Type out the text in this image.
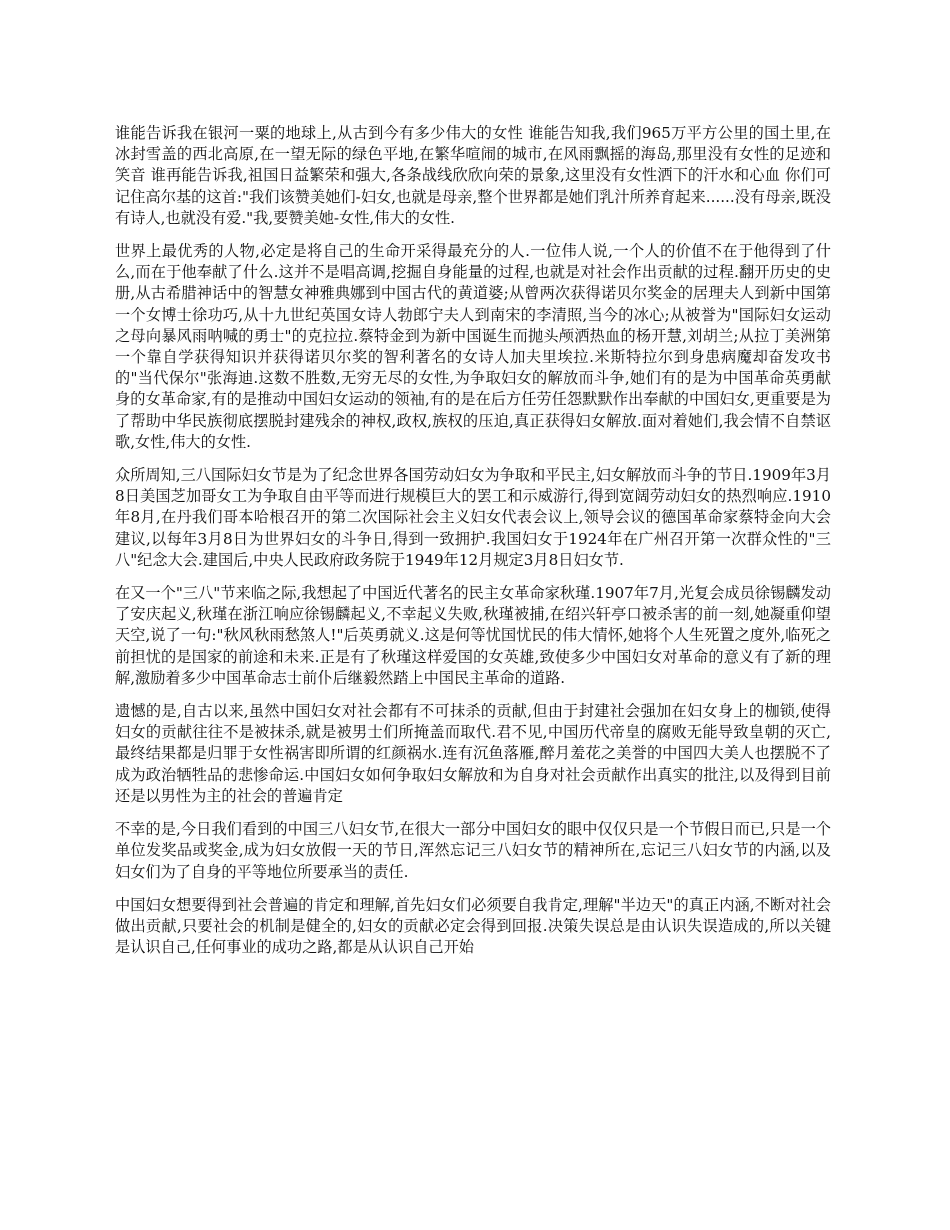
谁能告诉我在银河一粟的地球上,从古到今有多少伟大的女性 谁能告知我,我们965万平方公里的国土里,在冰封雪盖的西北高原,在一望无际的绿色平地,在繁华喧闹的城市,在风雨飘摇的海岛,那里没有女性的足迹和笑音 谁再能告诉我,祖国日益繁荣和强大,各条战线欣欣向荣的景象,这里没有女性洒下的汗水和心血 你们可记住高尔基的这首:"我们该赞美她们-妇女,也就是母亲,整个世界都是她们乳汁所养育起来......没有母亲,既没有诗人,也就没有爱."我,要赞美她-女性,伟大的女性.

世界上最优秀的人物,必定是将自己的生命开采得最充分的人.一位伟人说,一个人的价值不在于他得到了什么,而在于他奉献了什么.这并不是唱高调,挖掘自身能量的过程,也就是对社会作出贡献的过程.翻开历史的史册,从古希腊神话中的智慧女神雅典娜到中国古代的黄道婆;从曾两次获得诺贝尔奖金的居理夫人到新中国第一个女博士徐功巧,从十九世纪英国女诗人勃郎宁夫人到南宋的李清照,当今的冰心;从被誉为"国际妇女运动之母向暴风雨呐喊的勇士"的克拉拉.蔡特金到为新中国诞生而抛头颅洒热血的杨开慧,刘胡兰;从拉丁美洲第一个靠自学获得知识并获得诺贝尔奖的智利著名的女诗人加夫里埃拉.米斯特拉尔到身患病魔却奋发攻书的"当代保尔"张海迪.这数不胜数,无穷无尽的女性,为争取妇女的解放而斗争,她们有的是为中国革命英勇献身的女革命家,有的是推动中国妇女运动的领袖,有的是在后方任劳任怨默默作出奉献的中国妇女,更重要是为了帮助中华民族彻底摆脱封建残余的神权,政权,族权的压迫,真正获得妇女解放.面对着她们,我会情不自禁讴歌,女性,伟大的女性.

众所周知,三八国际妇女节是为了纪念世界各国劳动妇女为争取和平民主,妇女解放而斗争的节日.1909年3月8日美国芝加哥女工为争取自由平等而进行规模巨大的罢工和示威游行,得到宽阔劳动妇女的热烈响应.1910年8月,在丹我们哥本哈根召开的第二次国际社会主义妇女代表会议上,领导会议的德国革命家蔡特金向大会建议,以每年3月8日为世界妇女的斗争日,得到一致拥护.我国妇女于1924年在广州召开第一次群众性的"三八"纪念大会.建国后,中央人民政府政务院于1949年12月规定3月8日妇女节.

在又一个"三八"节来临之际,我想起了中国近代著名的民主女革命家秋瑾.1907年7月,光复会成员徐锡麟发动了安庆起义,秋瑾在浙江响应徐锡麟起义,不幸起义失败,秋瑾被捕,在绍兴轩亭口被杀害的前一刻,她凝重仰望天空,说了一句:"秋风秋雨愁煞人!"后英勇就义.这是何等忧国忧民的伟大情怀,她将个人生死置之度外,临死之前担忧的是国家的前途和未来.正是有了秋瑾这样爱国的女英雄,致使多少中国妇女对革命的意义有了新的理解,激励着多少中国革命志士前仆后继毅然踏上中国民主革命的道路.

遗憾的是,自古以来,虽然中国妇女对社会都有不可抹杀的贡献,但由于封建社会强加在妇女身上的枷锁,使得妇女的贡献往往不是被抹杀,就是被男士们所掩盖而取代.君不见,中国历代帝皇的腐败无能导致皇朝的灭亡,最终结果都是归罪于女性祸害即所谓的红颜祸水.连有沉鱼落雁,醉月羞花之美誉的中国四大美人也摆脱不了成为政治牺牲品的悲惨命运.中国妇女如何争取妇女解放和为自身对社会贡献作出真实的批注,以及得到目前还是以男性为主的社会的普遍肯定

不幸的是,今日我们看到的中国三八妇女节,在很大一部分中国妇女的眼中仅仅只是一个节假日而已,只是一个单位发奖品或奖金,成为妇女放假一天的节日,浑然忘记三八妇女节的精神所在,忘记三八妇女节的内涵,以及妇女们为了自身的平等地位所要承当的责任.

中国妇女想要得到社会普遍的肯定和理解,首先妇女们必须要自我肯定,理解"半边天"的真正内涵,不断对社会做出贡献,只要社会的机制是健全的,妇女的贡献必定会得到回报.决策失误总是由认识失误造成的,所以关键是认识自己,任何事业的成功之路,都是从认识自己开始
